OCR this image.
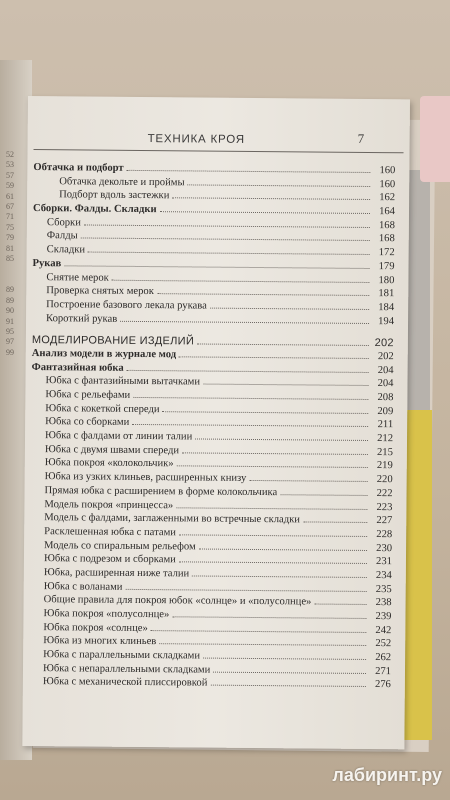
52
53
57
59
61
67
71
75
79
81
85

89
89
90
91
95
97
99

ТЕХНИКА КРОЯ	7
Обтачка и подборт	160
Обтачка декольте и проймы	160
Подборт вдоль застежки	162
Сборки. Фалды. Складки	164
Сборки	168
Фалды	168
Складки	172
Рукав	179
Снятие мерок	180
Проверка снятых мерок	181
Построение базового лекала рукава	184
Короткий рукав	194
МОДЕЛИРОВАНИЕ ИЗДЕЛИЙ	202
Анализ модели в журнале мод	202
Фантазийная юбка	204
Юбка с фантазийными вытачками	204
Юбка с рельефами	208
Юбка с кокеткой спереди	209
Юбка со сборками	211
Юбка с фалдами от линии талии	212
Юбка с двумя швами спереди	215
Юбка покроя «колокольчик»	219
Юбка из узких клиньев, расширенных книзу	220
Прямая юбка с расширением в форме колокольчика	222
Модель покроя «принцесса»	223
Модель с фалдами, заглаженными во встречные складки	227
Расклешенная юбка с патами	228
Модель со спиральным рельефом	230
Юбка с подрезом и сборками	231
Юбка, расширенная ниже талии	234
Юбка с воланами	235
Общие правила для покроя юбок «солнце» и «полусолнце»	238
Юбка покроя «полусолнце»	239
Юбка покроя «солнце»	242
Юбка из многих клиньев	252
Юбка с параллельными складками	262
Юбка с непараллельными складками	271
Юбка с механической плиссировкой	276
лабиринт.ру
